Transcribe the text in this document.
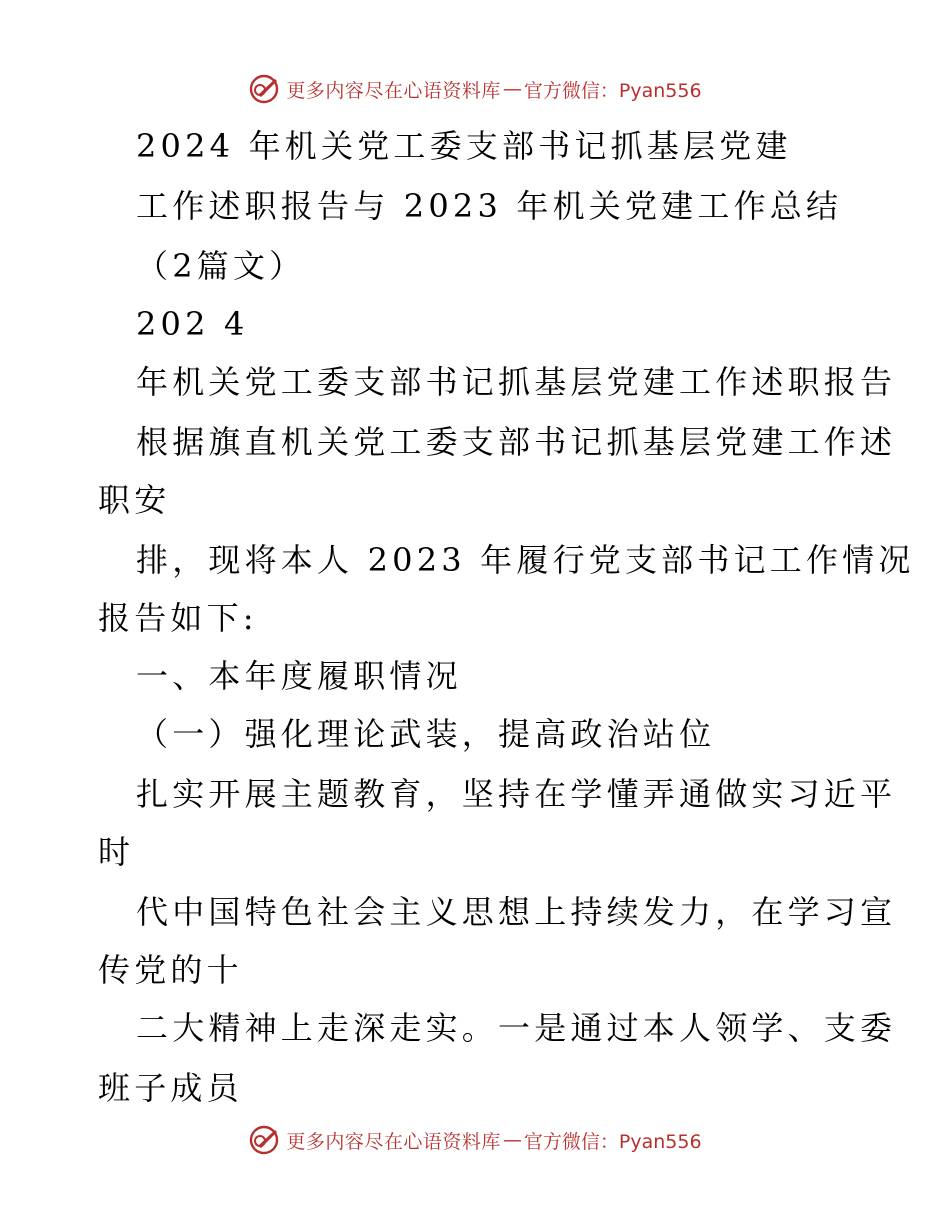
更多内容尽在心语资料库 — 官方微信：Pyan556
2024 年机关党工委支部书记抓基层党建
工作述职报告与 2023 年机关党建工作总结
（2篇文）
202 4
年机关党工委支部书记抓基层党建工作述职报告
根据旗直机关党工委支部书记抓基层党建工作述
职安
排，现将本人 2023 年履行党支部书记工作情况
报告如下:
一、本年度履职情况
（一）强化理论武装，提高政治站位
扎实开展主题教育，坚持在学懂弄通做实习近平
时
代中国特色社会主义思想上持续发力，在学习宣
传党的十
二大精神上走深走实。一是通过本人领学、支委
班子成员
更多内容尽在心语资料库 — 官方微信：Pyan556
